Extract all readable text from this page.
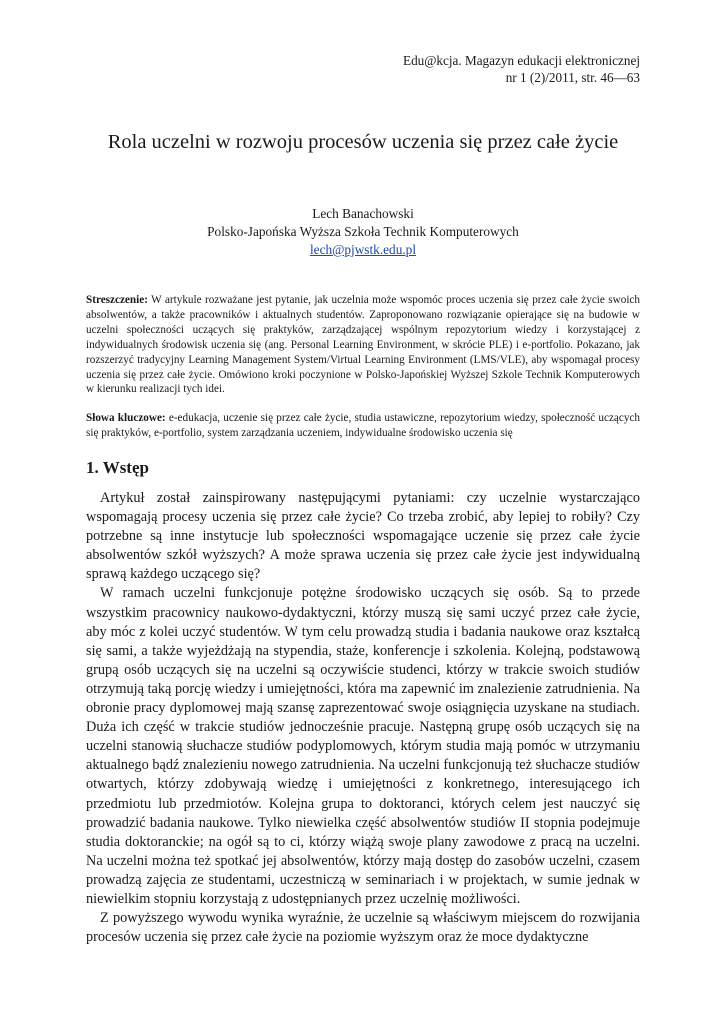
Edu@kcja. Magazyn edukacji elektronicznej
nr 1 (2)/2011, str. 46—63
Rola uczelni w rozwoju procesów uczenia się przez całe życie
Lech Banachowski
Polsko-Japońska Wyższa Szkoła Technik Komputerowych
lech@pjwstk.edu.pl
Streszczenie: W artykule rozważane jest pytanie, jak uczelnia może wspomóc proces uczenia się przez całe życie swoich absolwentów, a także pracowników i aktualnych studentów. Zaproponowano rozwiązanie opierające się na budowie w uczelni społeczności uczących się praktyków, zarządzającej wspólnym repozytorium wiedzy i korzystającej z indywidualnych środowisk uczenia się (ang. Personal Learning Environment, w skrócie PLE) i e-portfolio. Pokazano, jak rozszerzyć tradycyjny Learning Management System/Virtual Learning Environment (LMS/VLE), aby wspomagał procesy uczenia się przez całe życie. Omówiono kroki poczynione w Polsko-Japońskiej Wyższej Szkole Technik Komputerowych w kierunku realizacji tych idei.
Słowa kluczowe: e-edukacja, uczenie się przez całe życie, studia ustawiczne, repozytorium wiedzy, społeczność uczących się praktyków, e-portfolio, system zarządzania uczeniem, indywidualne środowisko uczenia się
1. Wstęp

Artykuł został zainspirowany następującymi pytaniami: czy uczelnie wystarczająco wspomagają procesy uczenia się przez całe życie? Co trzeba zrobić, aby lepiej to robiły? Czy potrzebne są inne instytucje lub społeczności wspomagające uczenie się przez całe życie absolwentów szkół wyższych? A może sprawa uczenia się przez całe życie jest indywidualną sprawą każdego uczącego się?

W ramach uczelni funkcjonuje potężne środowisko uczących się osób. Są to przede wszystkim pracownicy naukowo-dydaktyczni, którzy muszą się sami uczyć przez całe życie, aby móc z kolei uczyć studentów. W tym celu prowadzą studia i badania naukowe oraz kształcą się sami, a także wyjeżdżają na stypendia, staże, konferencje i szkolenia. Kolejną, podstawową grupą osób uczących się na uczelni są oczywiście studenci, którzy w trakcie swoich studiów otrzymują taką porcję wiedzy i umiejętności, która ma zapewnić im znalezienie zatrudnienia. Na obronie pracy dyplomowej mają szansę zaprezentować swoje osiągnięcia uzyskane na studiach. Duża ich część w trakcie studiów jednocześnie pracuje. Następną grupę osób uczących się na uczelni stanowią słuchacze studiów podyplomowych, którym studia mają pomóc w utrzymaniu aktualnego bądź znalezieniu nowego zatrudnienia. Na uczelni funkcjonują też słuchacze studiów otwartych, którzy zdobywają wiedzę i umiejętności z konkretnego, interesującego ich przedmiotu lub przedmiotów. Kolejna grupa to doktoranci, których celem jest nauczyć się prowadzić badania naukowe. Tylko niewielka część absolwentów studiów II stopnia podejmuje studia doktoranckie; na ogół są to ci, którzy wiążą swoje plany zawodowe z pracą na uczelni. Na uczelni można też spotkać jej absolwentów, którzy mają dostęp do zasobów uczelni, czasem prowadzą zajęcia ze studentami, uczestniczą w seminariach i w projektach, w sumie jednak w niewielkim stopniu korzystają z udostępnianych przez uczelnię możliwości.

Z powyższego wywodu wynika wyraźnie, że uczelnie są właściwym miejscem do rozwijania procesów uczenia się przez całe życie na poziomie wyższym oraz że moce dydaktyczne
